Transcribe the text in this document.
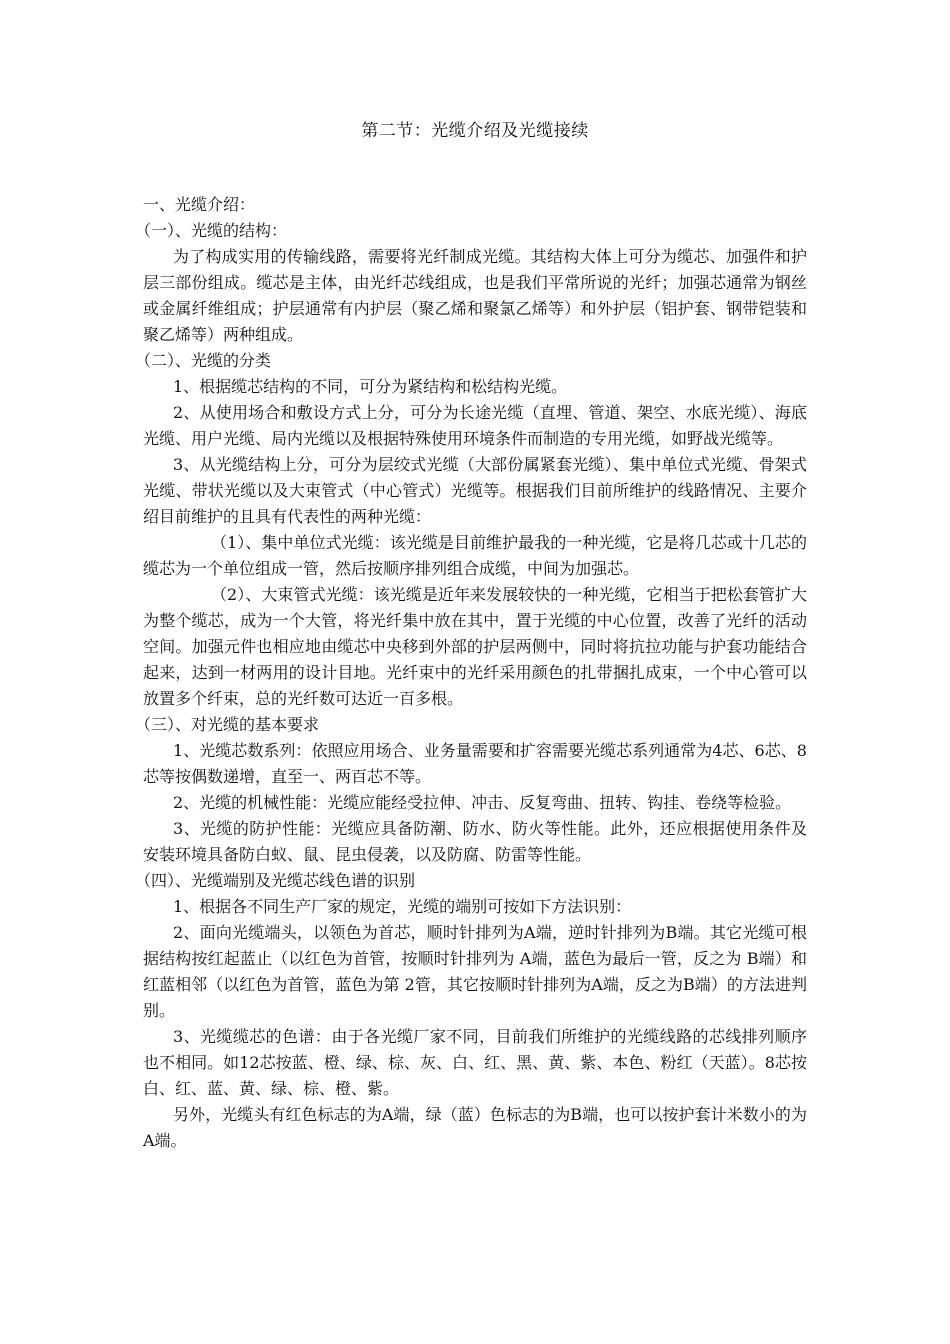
第二节：光缆介绍及光缆接续

一、光缆介绍：

（一）、光缆的结构：

为了构成实用的传输线路，需要将光纤制成光缆。其结构大体上可分为缆芯、加强件和护层三部份组成。缆芯是主体，由光纤芯线组成，也是我们平常所说的光纤；加强芯通常为钢丝或金属纤维组成；护层通常有内护层（聚乙烯和聚氯乙烯等）和外护层（铝护套、钢带铠装和聚乙烯等）两种组成。

（二）、光缆的分类

1、根据缆芯结构的不同，可分为紧结构和松结构光缆。

2、从使用场合和敷设方式上分，可分为长途光缆（直埋、管道、架空、水底光缆）、海底光缆、用户光缆、局内光缆以及根据特殊使用环境条件而制造的专用光缆，如野战光缆等。

3、从光缆结构上分，可分为层绞式光缆（大部份属紧套光缆）、集中单位式光缆、骨架式光缆、带状光缆以及大束管式（中心管式）光缆等。根据我们目前所维护的线路情况、主要介绍目前维护的且具有代表性的两种光缆：

（1）、集中单位式光缆：该光缆是目前维护最我的一种光缆，它是将几芯或十几芯的缆芯为一个单位组成一管，然后按顺序排列组合成缆，中间为加强芯。

（2）、大束管式光缆：该光缆是近年来发展较快的一种光缆，它相当于把松套管扩大为整个缆芯，成为一个大管，将光纤集中放在其中，置于光缆的中心位置，改善了光纤的活动空间。加强元件也相应地由缆芯中央移到外部的护层两侧中，同时将抗拉功能与护套功能结合起来，达到一材两用的设计目地。光纤束中的光纤采用颜色的扎带捆扎成束，一个中心管可以放置多个纤束，总的光纤数可达近一百多根。

（三）、对光缆的基本要求

1、光缆芯数系列：依照应用场合、业务量需要和扩容需要光缆芯系列通常为4芯、6芯、8芯等按偶数递增，直至一、两百芯不等。

2、光缆的机械性能：光缆应能经受拉伸、冲击、反复弯曲、扭转、钩挂、卷绕等检验。

3、光缆的防护性能：光缆应具备防潮、防水、防火等性能。此外，还应根据使用条件及安装环境具备防白蚁、鼠、昆虫侵袭，以及防腐、防雷等性能。

（四）、光缆端别及光缆芯线色谱的识别

1、根据各不同生产厂家的规定，光缆的端别可按如下方法识别：

2、面向光缆端头，以领色为首芯，顺时针排列为A端，逆时针排列为B端。其它光缆可根据结构按红起蓝止（以红色为首管，按顺时针排列为 A端，蓝色为最后一管，反之为 B端）和红蓝相邻（以红色为首管，蓝色为第 2管，其它按顺时针排列为A端，反之为B端）的方法进判别。

3、光缆缆芯的色谱：由于各光缆厂家不同，目前我们所维护的光缆线路的芯线排列顺序也不相同。如12芯按蓝、橙、绿、棕、灰、白、红、黑、黄、紫、本色、粉红（天蓝）。8芯按白、红、蓝、黄、绿、棕、橙、紫。

另外，光缆头有红色标志的为A端，绿（蓝）色标志的为B端，也可以按护套计米数小的为A端。
